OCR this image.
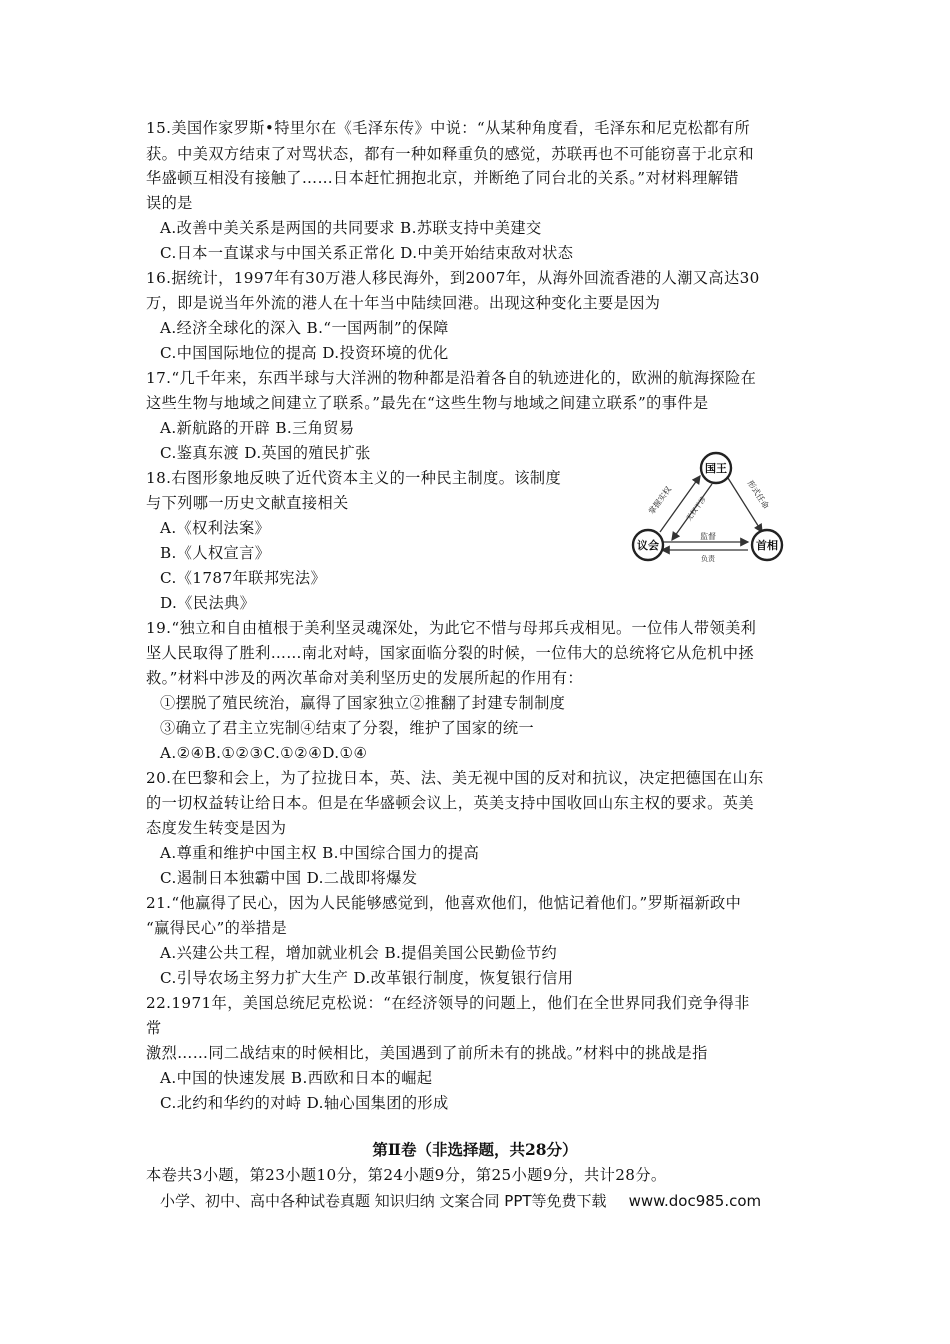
15.美国作家罗斯•特里尔在《毛泽东传》中说：“从某种角度看，毛泽东和尼克松都有所
获。中美双方结束了对骂状态，都有一种如释重负的感觉，苏联再也不可能窃喜于北京和
华盛顿互相没有接触了……日本赶忙拥抱北京，并断绝了同台北的关系。”对材料理解错
误的是
A.改善中美关系是两国的共同要求 B.苏联支持中美建交
C.日本一直谋求与中国关系正常化 D.中美开始结束敌对状态
16.据统计，1997年有30万港人移民海外，到2007年，从海外回流香港的人潮又高达30
万，即是说当年外流的港人在十年当中陆续回港。出现这种变化主要是因为
A.经济全球化的深入 B.“一国两制”的保障
C.中国国际地位的提高 D.投资环境的优化
17.“几千年来，东西半球与大洋洲的物种都是沿着各自的轨迹进化的，欧洲的航海探险在
这些生物与地域之间建立了联系。”最先在“这些生物与地域之间建立联系”的事件是
A.新航路的开辟 B.三角贸易
C.鉴真东渡 D.英国的殖民扩张
18.右图形象地反映了近代资本主义的一种民主制度。该制度
与下列哪一历史文献直接相关
A.《权利法案》
B.《人权宣言》
C.《1787年联邦宪法》
D.《民法典》
掌握实权 无权干涉	形式任命
监督
负责
国王
议会	首相
19.“独立和自由植根于美利坚灵魂深处，为此它不惜与母邦兵戎相见。一位伟人带领美利
坚人民取得了胜利……南北对峙，国家面临分裂的时候，一位伟大的总统将它从危机中拯
救。”材料中涉及的两次革命对美利坚历史的发展所起的作用有：
①摆脱了殖民统治，赢得了国家独立②推翻了封建专制制度
③确立了君主立宪制④结束了分裂，维护了国家的统一
A.②④B.①②③C.①②④D.①④
20.在巴黎和会上，为了拉拢日本，英、法、美无视中国的反对和抗议，决定把德国在山东
的一切权益转让给日本。但是在华盛顿会议上，英美支持中国收回山东主权的要求。英美
态度发生转变是因为
A.尊重和维护中国主权 B.中国综合国力的提高
C.遏制日本独霸中国 D.二战即将爆发
21.“他赢得了民心，因为人民能够感觉到，他喜欢他们，他惦记着他们。”罗斯福新政中
“赢得民心”的举措是
A.兴建公共工程，增加就业机会 B.提倡美国公民勤俭节约
C.引导农场主努力扩大生产 D.改革银行制度，恢复银行信用
22.1971年，美国总统尼克松说：“在经济领导的问题上，他们在全世界同我们竞争得非
常
激烈……同二战结束的时候相比，美国遇到了前所未有的挑战。”材料中的挑战是指
A.中国的快速发展 B.西欧和日本的崛起
C.北约和华约的对峙 D.轴心国集团的形成
第Ⅱ卷（非选择题，共28分）
本卷共3小题，第23小题10分，第24小题9分，第25小题9分，共计28分。
小学、初中、高中各种试卷真题 知识归纳 文案合同 PPT等免费下载 www.doc985.com
